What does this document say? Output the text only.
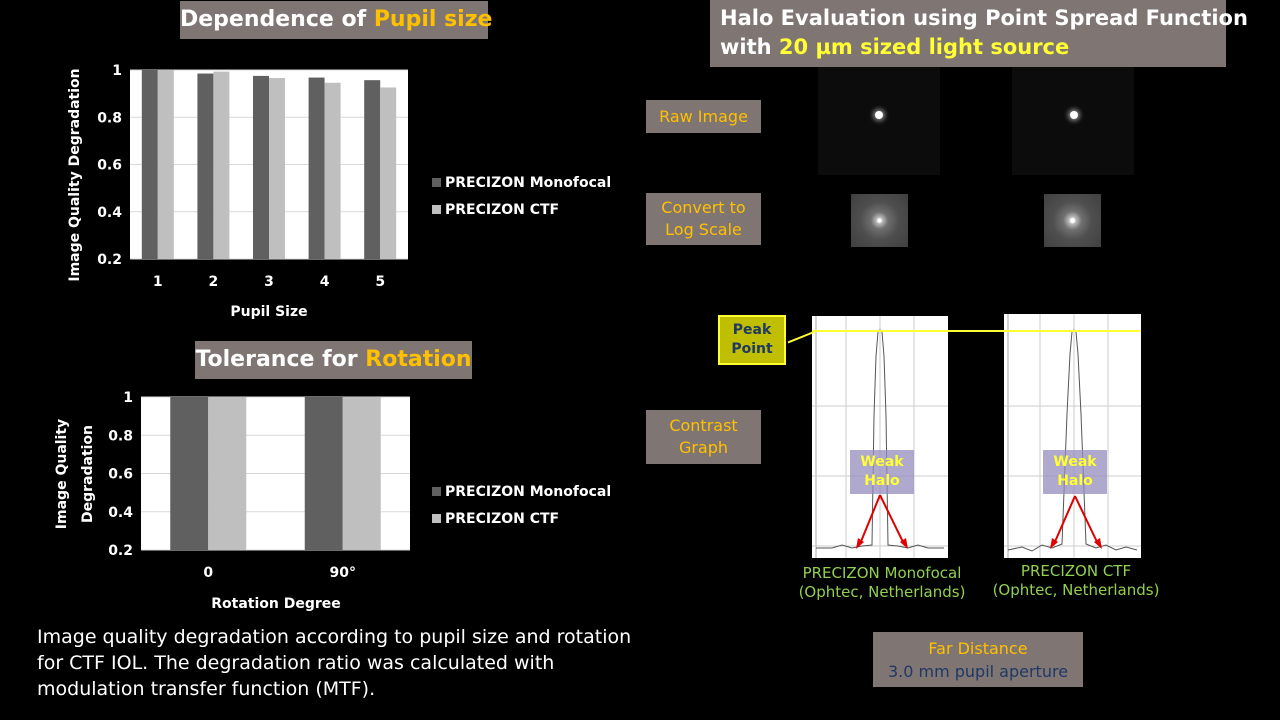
Dependence of Pupil size
Image Quality Degradation
Pupil Size
0.2
0.4
0.6
0.8
1
1	2	3	4	5
PRECIZON Monofocal
PRECIZON CTF
Tolerance for Rotation
Image Quality Degradation
Rotation Degree
0.2
0.4
0.6
0.8
1
0	90°
PRECIZON Monofocal
PRECIZON CTF
Image quality degradation according to pupil size and rotation
for CTF IOL. The degradation ratio was calculated with
modulation transfer function (MTF).
Halo Evaluation using Point Spread Function
with 20 µm sized light source
Raw Image
Convert to
Log Scale
Contrast
Graph
Peak
Point
Weak
Halo
Weak
Halo
PRECIZON Monofocal
(Ophtec, Netherlands)
PRECIZON CTF
(Ophtec, Netherlands)
Far Distance
3.0 mm pupil aperture
